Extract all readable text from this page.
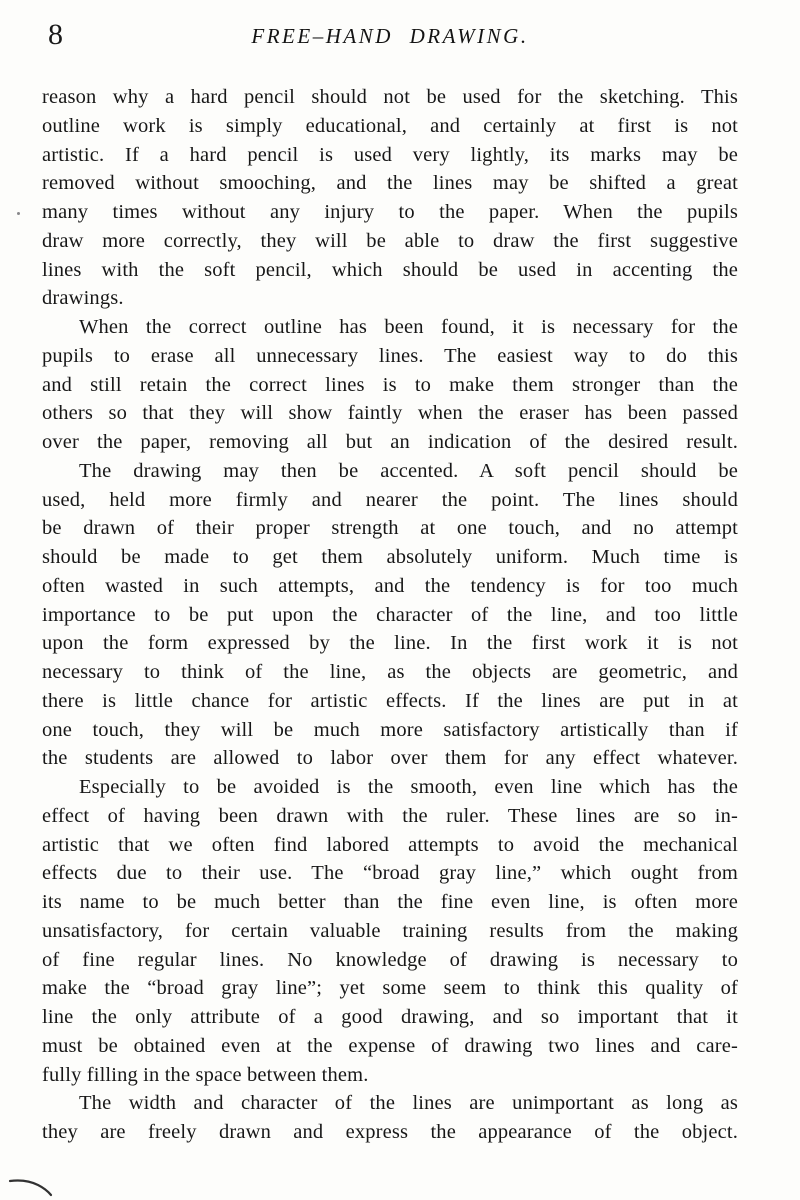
8	FREE–HAND DRAWING.
reason why a hard pencil should not be used for the sketching. This
outline work is simply educational, and certainly at first is not
artistic. If a hard pencil is used very lightly, its marks may be
removed without smooching, and the lines may be shifted a great
many times without any injury to the paper. When the pupils
draw more correctly, they will be able to draw the first suggestive
lines with the soft pencil, which should be used in accenting the
drawings.
When the correct outline has been found, it is necessary for the
pupils to erase all unnecessary lines. The easiest way to do this
and still retain the correct lines is to make them stronger than the
others so that they will show faintly when the eraser has been passed
over the paper, removing all but an indication of the desired result.
The drawing may then be accented. A soft pencil should be
used, held more firmly and nearer the point. The lines should
be drawn of their proper strength at one touch, and no attempt
should be made to get them absolutely uniform. Much time is
often wasted in such attempts, and the tendency is for too much
importance to be put upon the character of the line, and too little
upon the form expressed by the line. In the first work it is not
necessary to think of the line, as the objects are geometric, and
there is little chance for artistic effects. If the lines are put in at
one touch, they will be much more satisfactory artistically than if
the students are allowed to labor over them for any effect whatever.
Especially to be avoided is the smooth, even line which has the
effect of having been drawn with the ruler. These lines are so in-
artistic that we often find labored attempts to avoid the mechanical
effects due to their use. The “broad gray line,” which ought from
its name to be much better than the fine even line, is often more
unsatisfactory, for certain valuable training results from the making
of fine regular lines. No knowledge of drawing is necessary to
make the “broad gray line”; yet some seem to think this quality of
line the only attribute of a good drawing, and so important that it
must be obtained even at the expense of drawing two lines and care-
fully filling in the space between them.
The width and character of the lines are unimportant as long as
they are freely drawn and express the appearance of the object.
